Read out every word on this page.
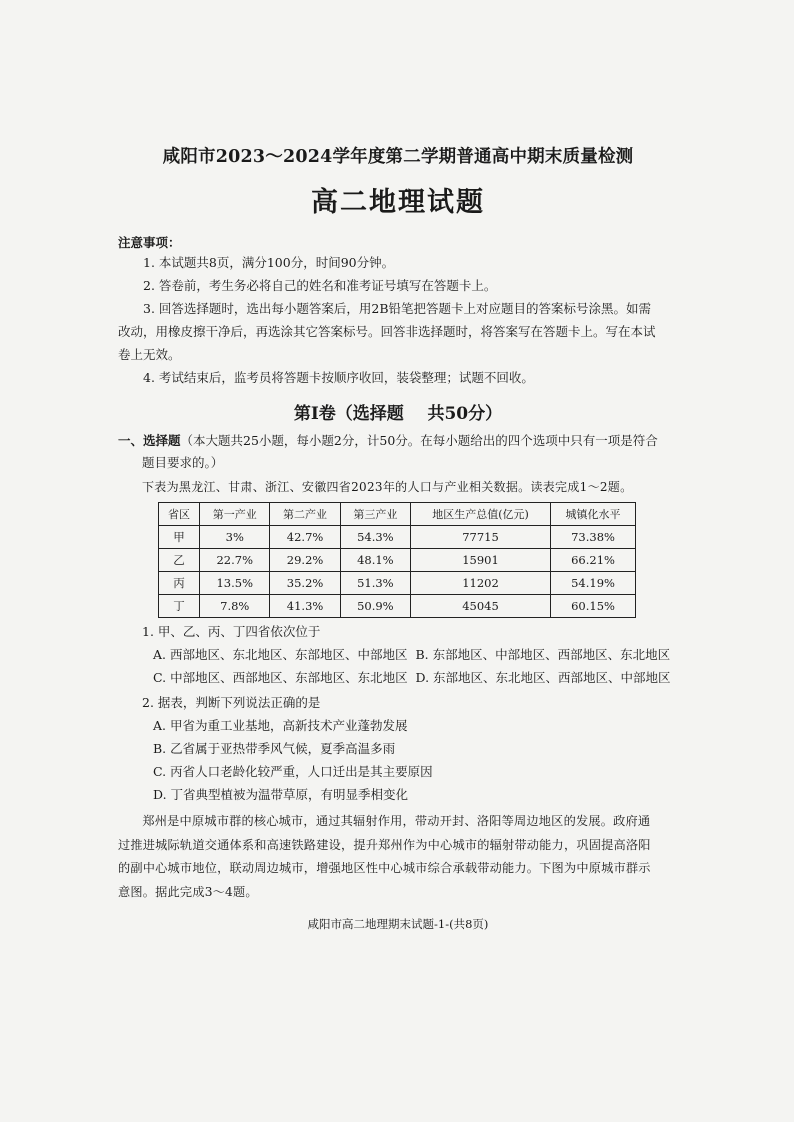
咸阳市2023～2024学年度第二学期普通高中期末质量检测
高二地理试题
注意事项：

1. 本试题共8页，满分100分，时间90分钟。

2. 答卷前，考生务必将自己的姓名和准考证号填写在答题卡上。

3. 回答选择题时，选出每小题答案后，用2B铅笔把答题卡上对应题目的答案标号涂黑。如需

改动，用橡皮擦干净后，再选涂其它答案标号。回答非选择题时，将答案写在答题卡上。写在本试

卷上无效。

4. 考试结束后，监考员将答题卡按顺序收回，装袋整理；试题不回收。

第Ⅰ卷（选择题    共50分）
一、选择题（本大题共25小题，每小题2分，计50分。在每小题给出的四个选项中只有一项是符合
题目要求的。）
下表为黑龙江、甘肃、浙江、安徽四省2023年的人口与产业相关数据。读表完成1～2题。
省区	第一产业	第二产业	第三产业	地区生产总值(亿元)	城镇化水平
甲	3%	42.7%	54.3%	77715	73.38%
乙	22.7%	29.2%	48.1%	15901	66.21%
丙	13.5%	35.2%	51.3%	11202	54.19%
丁	7.8%	41.3%	50.9%	45045	60.15%
1. 甲、乙、丙、丁四省依次位于
A. 西部地区、东北地区、东部地区、中部地区 B. 东部地区、中部地区、西部地区、东北地区
C. 中部地区、西部地区、东部地区、东北地区 D. 东部地区、东北地区、西部地区、中部地区
2. 据表，判断下列说法正确的是
A. 甲省为重工业基地，高新技术产业蓬勃发展
B. 乙省属于亚热带季风气候，夏季高温多雨
C. 丙省人口老龄化较严重，人口迁出是其主要原因
D. 丁省典型植被为温带草原，有明显季相变化

郑州是中原城市群的核心城市，通过其辐射作用，带动开封、洛阳等周边地区的发展。政府通

过推进城际轨道交通体系和高速铁路建设，提升郑州作为中心城市的辐射带动能力，巩固提高洛阳
的副中心城市地位，联动周边城市，增强地区性中心城市综合承载带动能力。下图为中原城市群示
意图。据此完成3～4题。
咸阳市高二地理期末试题-1-(共8页)
